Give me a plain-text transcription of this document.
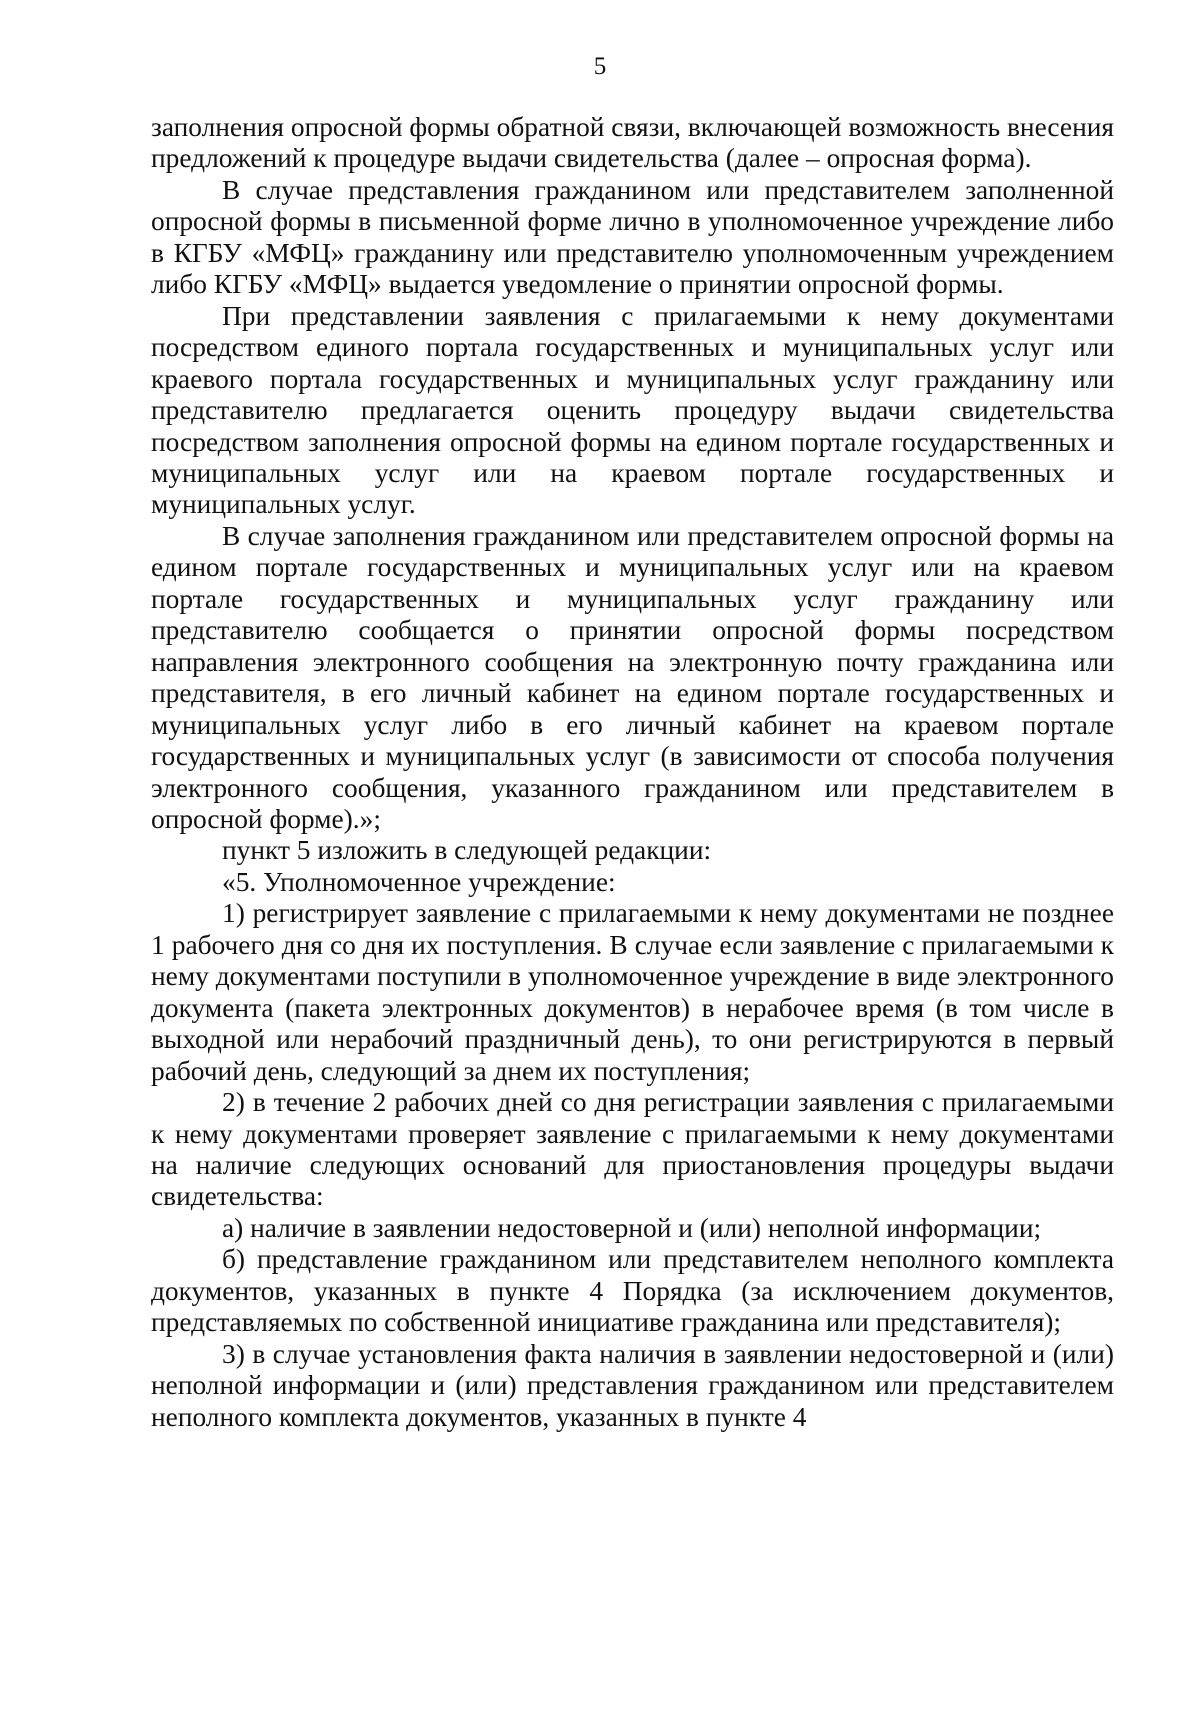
5

заполнения опросной формы обратной связи, включающей возможность внесения предложений к процедуре выдачи свидетельства (далее – опросная форма).

В случае представления гражданином или представителем заполненной опросной формы в письменной форме лично в уполномоченное учреждение либо в КГБУ «МФЦ» гражданину или представителю уполномоченным учреждением либо КГБУ «МФЦ» выдается уведомление о принятии опросной формы.

При представлении заявления с прилагаемыми к нему документами посредством единого портала государственных и муниципальных услуг или краевого портала государственных и муниципальных услуг гражданину или представителю предлагается оценить процедуру выдачи свидетельства посредством заполнения опросной формы на едином портале государственных и муниципальных услуг или на краевом портале государственных и муниципальных услуг.

В случае заполнения гражданином или представителем опросной формы на едином портале государственных и муниципальных услуг или на краевом портале государственных и муниципальных услуг гражданину или представителю сообщается о принятии опросной формы посредством направления электронного сообщения на электронную почту гражданина или представителя, в его личный кабинет на едином портале государственных и муниципальных услуг либо в его личный кабинет на краевом портале государственных и муниципальных услуг (в зависимости от способа получения электронного сообщения, указанного гражданином или представителем в опросной форме).»;

пункт 5 изложить в следующей редакции:

«5. Уполномоченное учреждение:

1) регистрирует заявление с прилагаемыми к нему документами не позднее 1 рабочего дня со дня их поступления. В случае если заявление с прилагаемыми к нему документами поступили в уполномоченное учреждение в виде электронного документа (пакета электронных документов) в нерабочее время (в том числе в выходной или нерабочий праздничный день), то они регистрируются в первый рабочий день, следующий за днем их поступления;

2) в течение 2 рабочих дней со дня регистрации заявления с прилагаемыми к нему документами проверяет заявление с прилагаемыми к нему документами на наличие следующих оснований для приостановления процедуры выдачи свидетельства:

а) наличие в заявлении недостоверной и (или) неполной информации;

б) представление гражданином или представителем неполного комплекта документов, указанных в пункте 4 Порядка (за исключением документов, представляемых по собственной инициативе гражданина или представителя);

3) в случае установления факта наличия в заявлении недостоверной и (или) неполной информации и (или) представления гражданином или представителем неполного комплекта документов, указанных в пункте 4
